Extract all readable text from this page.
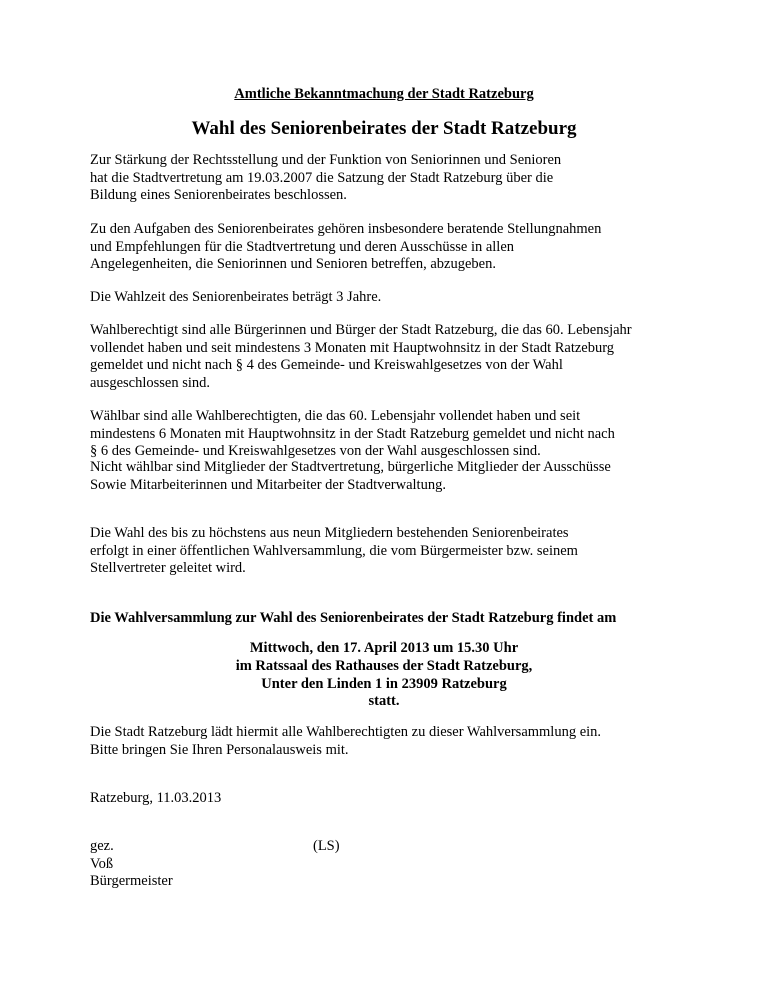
Amtliche Bekanntmachung der Stadt Ratzeburg

Wahl des Seniorenbeirates der Stadt Ratzeburg

Zur Stärkung der Rechtsstellung und der Funktion von Seniorinnen und Senioren
hat die Stadtvertretung am 19.03.2007 die Satzung der Stadt Ratzeburg über die
Bildung eines Seniorenbeirates beschlossen.

Zu den Aufgaben des Seniorenbeirates gehören insbesondere beratende Stellungnahmen
und Empfehlungen für die Stadtvertretung und deren Ausschüsse in allen
Angelegenheiten, die Seniorinnen und Senioren betreffen, abzugeben.

Die Wahlzeit des Seniorenbeirates beträgt 3 Jahre.

Wahlberechtigt sind alle Bürgerinnen und Bürger der Stadt Ratzeburg, die das 60. Lebensjahr
vollendet haben und seit mindestens 3 Monaten mit Hauptwohnsitz in der Stadt Ratzeburg
gemeldet und nicht nach § 4 des Gemeinde- und Kreiswahlgesetzes von der Wahl
ausgeschlossen sind.

Wählbar sind alle Wahlberechtigten, die das 60. Lebensjahr vollendet haben und seit
mindestens 6 Monaten mit Hauptwohnsitz in der Stadt Ratzeburg gemeldet und nicht nach
§ 6 des Gemeinde- und Kreiswahlgesetzes von der Wahl ausgeschlossen sind.

Nicht wählbar sind Mitglieder der Stadtvertretung, bürgerliche Mitglieder der Ausschüsse
Sowie Mitarbeiterinnen und Mitarbeiter der Stadtverwaltung.

Die Wahl des bis zu höchstens aus neun Mitgliedern bestehenden Seniorenbeirates
erfolgt in einer öffentlichen Wahlversammlung, die vom Bürgermeister bzw. seinem
Stellvertreter geleitet wird.

Die Wahlversammlung zur Wahl des Seniorenbeirates der Stadt Ratzeburg findet am

Mittwoch, den 17. April 2013 um 15.30 Uhr
im Ratssaal des Rathauses der Stadt Ratzeburg,
Unter den Linden 1 in 23909 Ratzeburg
statt.

Die Stadt Ratzeburg lädt hiermit alle Wahlberechtigten zu dieser Wahlversammlung ein.
Bitte bringen Sie Ihren Personalausweis mit.

Ratzeburg, 11.03.2013

gez.
Voß
Bürgermeister

(LS)
